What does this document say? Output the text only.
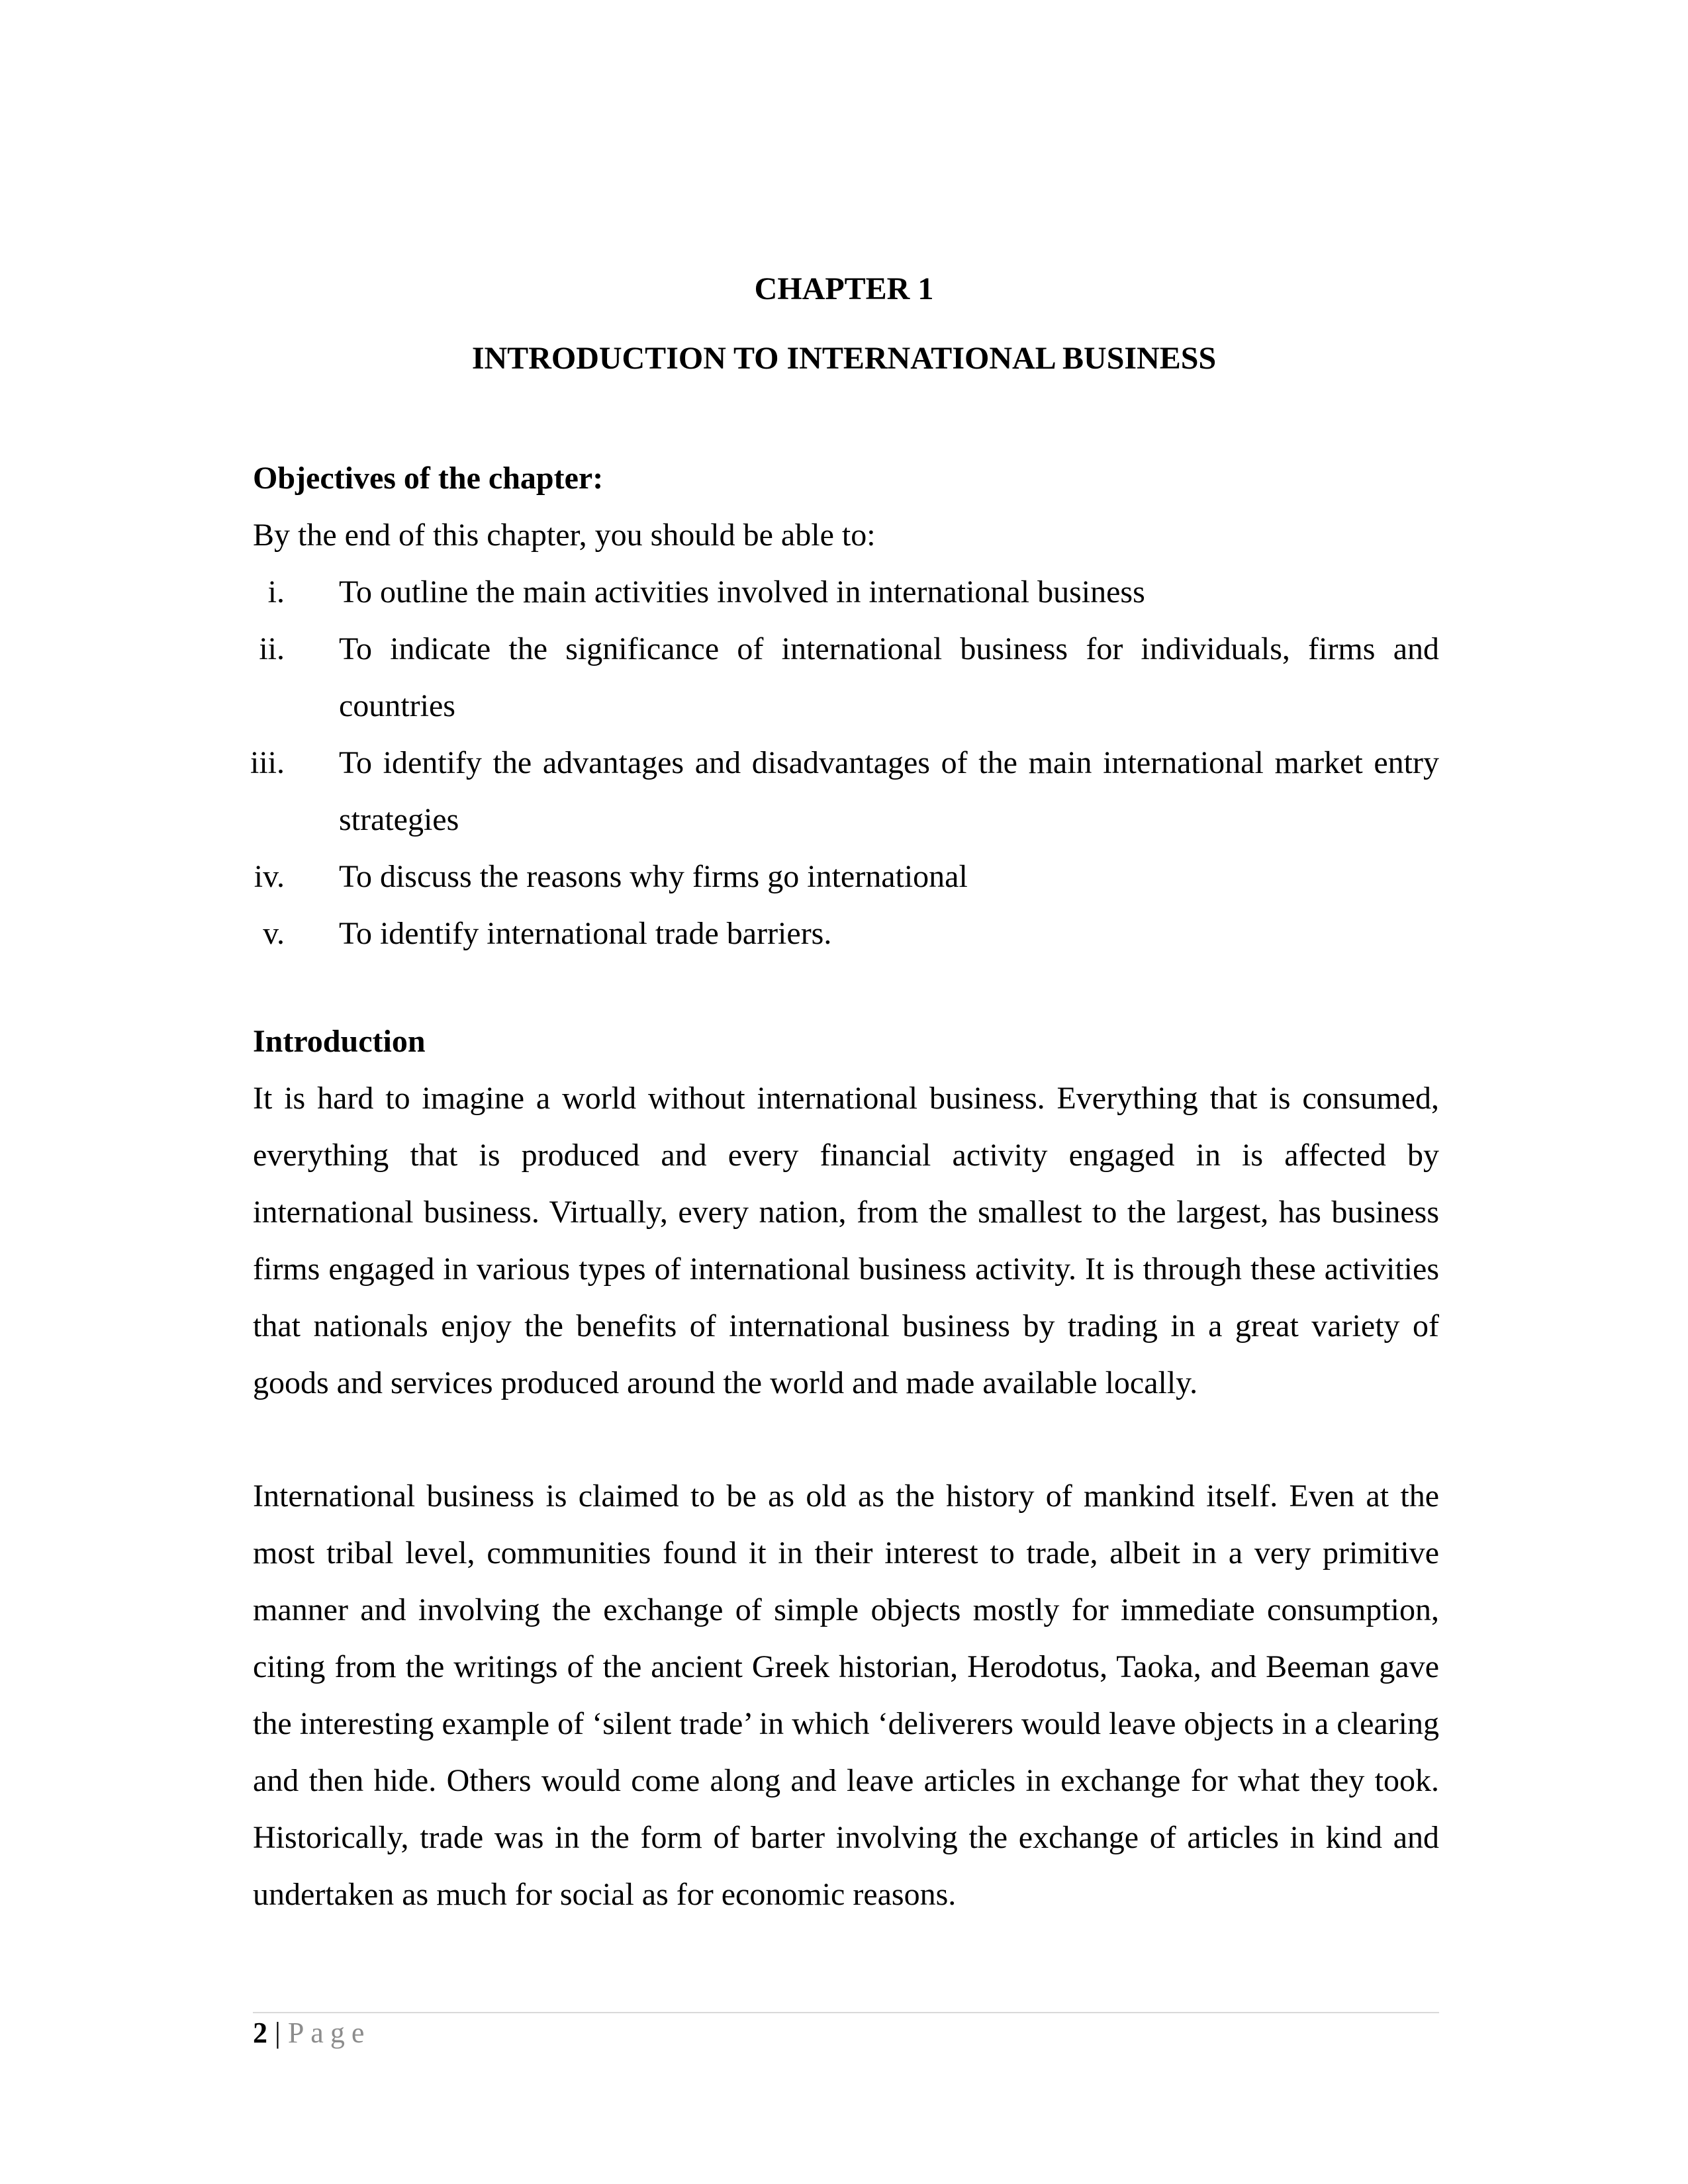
CHAPTER 1
INTRODUCTION TO INTERNATIONAL BUSINESS
Objectives of the chapter:
By the end of this chapter, you should be able to:
i. To outline the main activities involved in international business
ii. To indicate the significance of international business for individuals, firms and countries
iii. To identify the advantages and disadvantages of the main international market entry strategies
iv. To discuss the reasons why firms go international
v. To identify international trade barriers.
Introduction

It is hard to imagine a world without international business. Everything that is consumed, everything that is produced and every financial activity engaged in is affected by international business. Virtually, every nation, from the smallest to the largest, has business firms engaged in various types of international business activity. It is through these activities that nationals enjoy the benefits of international business by trading in a great variety of goods and services produced around the world and made available locally.

International business is claimed to be as old as the history of mankind itself. Even at the most tribal level, communities found it in their interest to trade, albeit in a very primitive manner and involving the exchange of simple objects mostly for immediate consumption, citing from the writings of the ancient Greek historian, Herodotus, Taoka, and Beeman gave the interesting example of ‘silent trade’ in which ‘deliverers would leave objects in a clearing and then hide. Others would come along and leave articles in exchange for what they took. Historically, trade was in the form of barter involving the exchange of articles in kind and undertaken as much for social as for economic reasons.

2 | Page
